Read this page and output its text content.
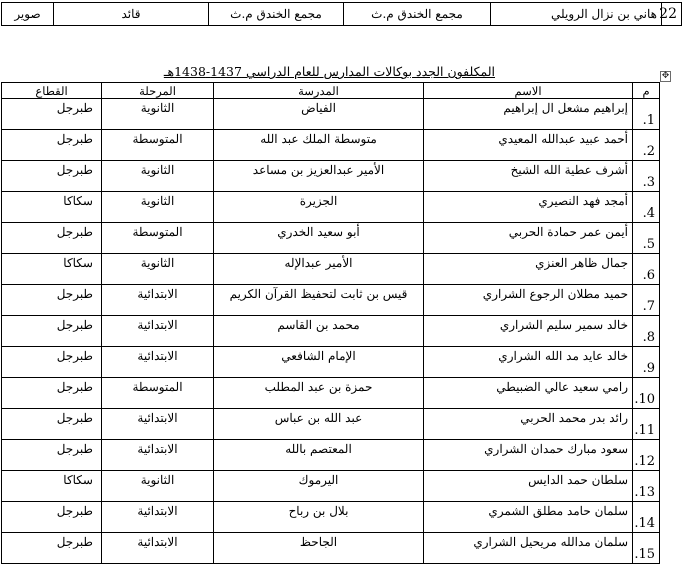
22	هاني بن نزال الرويلي	مجمع الخندق م.ث	مجمع الخندق م.ث	قائد	صوير
المكلفون الجدد بوكالات المدارس للعام الدراسي 1437-1438هـ	✥
م	الاسم	المدرسة	المرحلة	القطاع
1.	إبراهيم مشعل ال إبراهيم	الفياض	الثانوية	طبرجل
2.	أحمد عبيد عبدالله المعيدي	متوسطة الملك عبد الله	المتوسطة	طبرجل
3.	أشرف عطية الله الشيخ	الأمير عبدالعزيز بن مساعد	الثانوية	طبرجل
4.	أمجد فهد النصيري	الجزيرة	الثانوية	سكاكا
5.	أيمن عمر حمادة الحربي	أبو سعيد الخدري	المتوسطة	طبرجل
6.	جمال ظاهر العنزي	الأمير عبدالإله	الثانوية	سكاكا
7.	حميد مطلان الرجوع الشراري	قيس بن ثابت لتحفيظ القرآن الكريم	الابتدائية	طبرجل
8.	خالد سمير سليم الشراري	محمد بن القاسم	الابتدائية	طبرجل
9.	خالد عايد مد الله الشراري	الإمام الشافعي	الابتدائية	طبرجل
10.	رامي سعيد عالي الضبيطي	حمزة بن عبد المطلب	المتوسطة	طبرجل
11.	رائد بدر محمد الحربي	عبد الله بن عباس	الابتدائية	طبرجل
12.	سعود مبارك حمدان الشراري	المعتصم بالله	الابتدائية	طبرجل
13.	سلطان حمد الدايس	اليرموك	الثانوية	سكاكا
14.	سلمان حامد مطلق الشمري	بلال بن رباح	الابتدائية	طبرجل
15.	سلمان مدالله مريحيل الشراري	الجاحظ	الابتدائية	طبرجل
